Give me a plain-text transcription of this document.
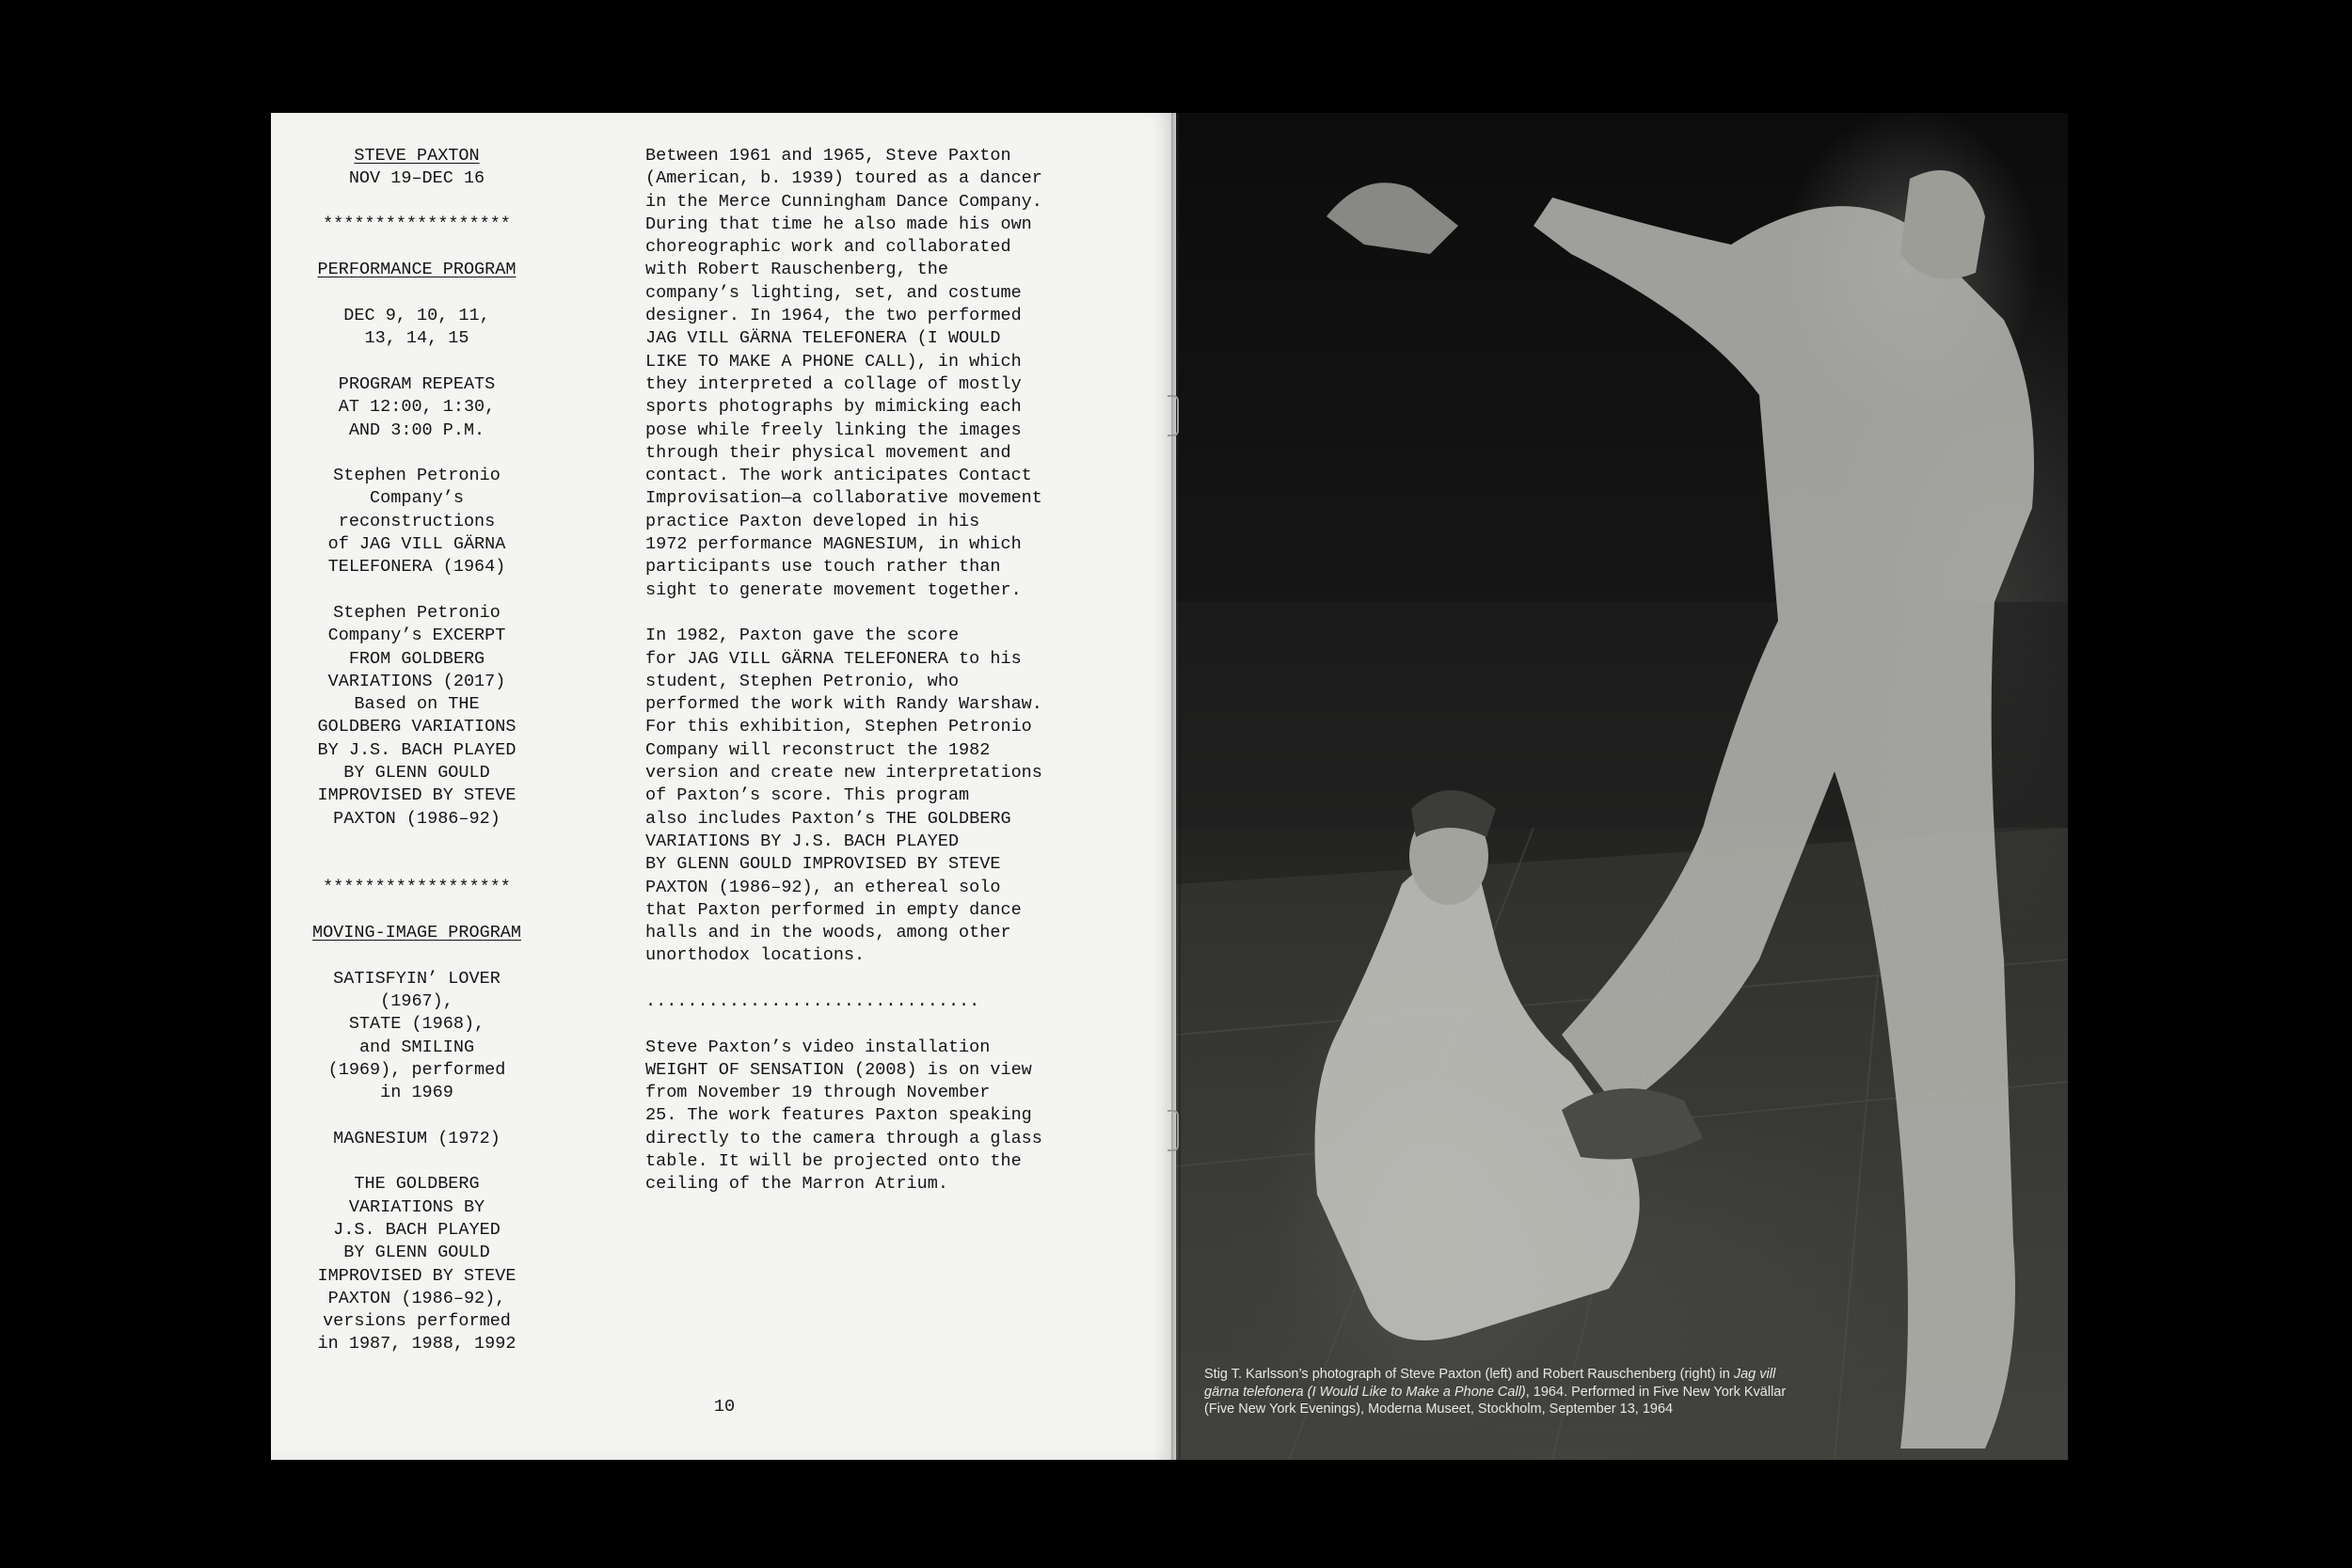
STEVE PAXTON

NOV 19–DEC 16

******************

PERFORMANCE PROGRAM

DEC 9, 10, 11,
13, 14, 15

PROGRAM REPEATS
AT 12:00, 1:30,
AND 3:00 P.M.

Stephen Petronio
Company’s
reconstructions
of JAG VILL GÄRNA
TELEFONERA (1964)

Stephen Petronio
Company’s EXCERPT
FROM GOLDBERG
VARIATIONS (2017)
Based on THE
GOLDBERG VARIATIONS
BY J.S. BACH PLAYED
BY GLENN GOULD
IMPROVISED BY STEVE
PAXTON (1986–92)

******************

MOVING-IMAGE PROGRAM

SATISFYIN’ LOVER
(1967),
STATE (1968),
and SMILING
(1969), performed
in 1969

MAGNESIUM (1972)

THE GOLDBERG
VARIATIONS BY
J.S. BACH PLAYED
BY GLENN GOULD
IMPROVISED BY STEVE
PAXTON (1986–92),
versions performed
in 1987, 1988, 1992

Between 1961 and 1965, Steve Paxton
(American, b. 1939) toured as a dancer
in the Merce Cunningham Dance Company.
During that time he also made his own
choreographic work and collaborated
with Robert Rauschenberg, the
company’s lighting, set, and costume
designer. In 1964, the two performed
JAG VILL GÄRNA TELEFONERA (I WOULD
LIKE TO MAKE A PHONE CALL), in which
they interpreted a collage of mostly
sports photographs by mimicking each
pose while freely linking the images
through their physical movement and
contact. The work anticipates Contact
Improvisation—a collaborative movement
practice Paxton developed in his
1972 performance MAGNESIUM, in which
participants use touch rather than
sight to generate movement together.

In 1982, Paxton gave the score
for JAG VILL GÄRNA TELEFONERA to his
student, Stephen Petronio, who
performed the work with Randy Warshaw.
For this exhibition, Stephen Petronio
Company will reconstruct the 1982
version and create new interpretations
of Paxton’s score. This program
also includes Paxton’s THE GOLDBERG
VARIATIONS BY J.S. BACH PLAYED
BY GLENN GOULD IMPROVISED BY STEVE
PAXTON (1986–92), an ethereal solo
that Paxton performed in empty dance
halls and in the woods, among other
unorthodox locations.

................................

Steve Paxton’s video installation
WEIGHT OF SENSATION (2008) is on view
from November 19 through November
25. The work features Paxton speaking
directly to the camera through a glass
table. It will be projected onto the
ceiling of the Marron Atrium.

10
Stig T. Karlsson’s photograph of Steve Paxton (left) and Robert Rauschenberg (right) in Jag vill gärna telefonera (I Would Like to Make a Phone Call), 1964. Performed in Five New York Kvällar (Five New York Evenings), Moderna Museet, Stockholm, September 13, 1964
